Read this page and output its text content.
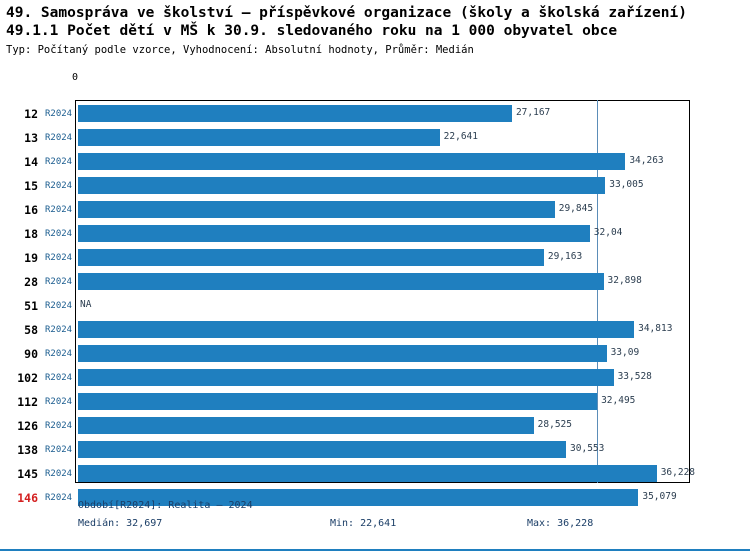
49. Samospráva ve školství – příspěvkové organizace (školy a školská zařízení)
49.1.1 Počet dětí v MŠ k 30.9. sledovaného roku na 1 000 obyvatel obce
Typ: Počítaný podle vzorce, Vyhodnocení: Absolutní hodnoty, Průměr: Medián
0
12 R2024	27,167
13 R2024	22,641
14 R2024	34,263
15 R2024	33,005
16 R2024	29,845
18 R2024	32,04
19 R2024	29,163
28 R2024	32,898
51 R2024 NA
58 R2024	34,813
90 R2024	33,09
102 R2024	33,528
112 R2024	32,495
126 R2024	28,525
138 R2024	30,553
145 R2024	36,228
146 R2024	35,079
Období[R2024]: Realita – 2024
Medián: 32,697	Min: 22,641	Max: 36,228
